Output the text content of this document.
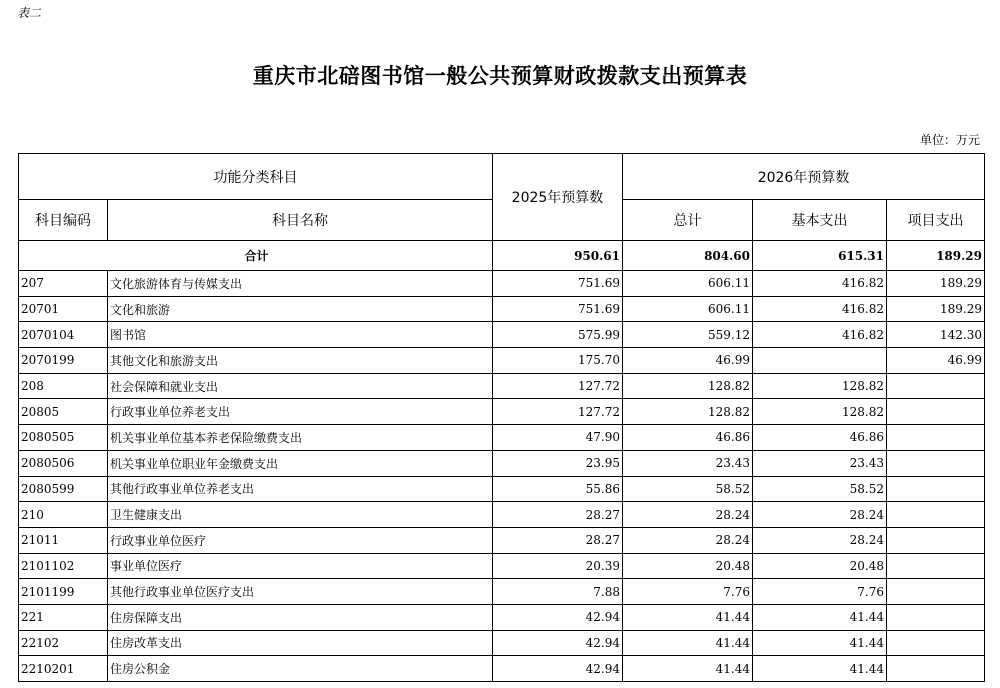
表二
重庆市北碚图书馆一般公共预算财政拨款支出预算表
单位：万元
功能分类科目		2025年预算数	2026年预算数		
科目编码	科目名称		总计	基本支出	项目支出
合计		950.61	804.60	615.31	189.29
207	文化旅游体育与传媒支出	751.69	606.11	416.82	189.29
20701	文化和旅游	751.69	606.11	416.82	189.29
2070104	图书馆	575.99	559.12	416.82	142.30
2070199	其他文化和旅游支出	175.70	46.99		46.99
208	社会保障和就业支出	127.72	128.82	128.82	
20805	行政事业单位养老支出	127.72	128.82	128.82	
2080505	机关事业单位基本养老保险缴费支出	47.90	46.86	46.86	
2080506	机关事业单位职业年金缴费支出	23.95	23.43	23.43	
2080599	其他行政事业单位养老支出	55.86	58.52	58.52	
210	卫生健康支出	28.27	28.24	28.24	
21011	行政事业单位医疗	28.27	28.24	28.24	
2101102	事业单位医疗	20.39	20.48	20.48	
2101199	其他行政事业单位医疗支出	7.88	7.76	7.76	
221	住房保障支出	42.94	41.44	41.44	
22102	住房改革支出	42.94	41.44	41.44	
2210201	住房公积金	42.94	41.44	41.44	
